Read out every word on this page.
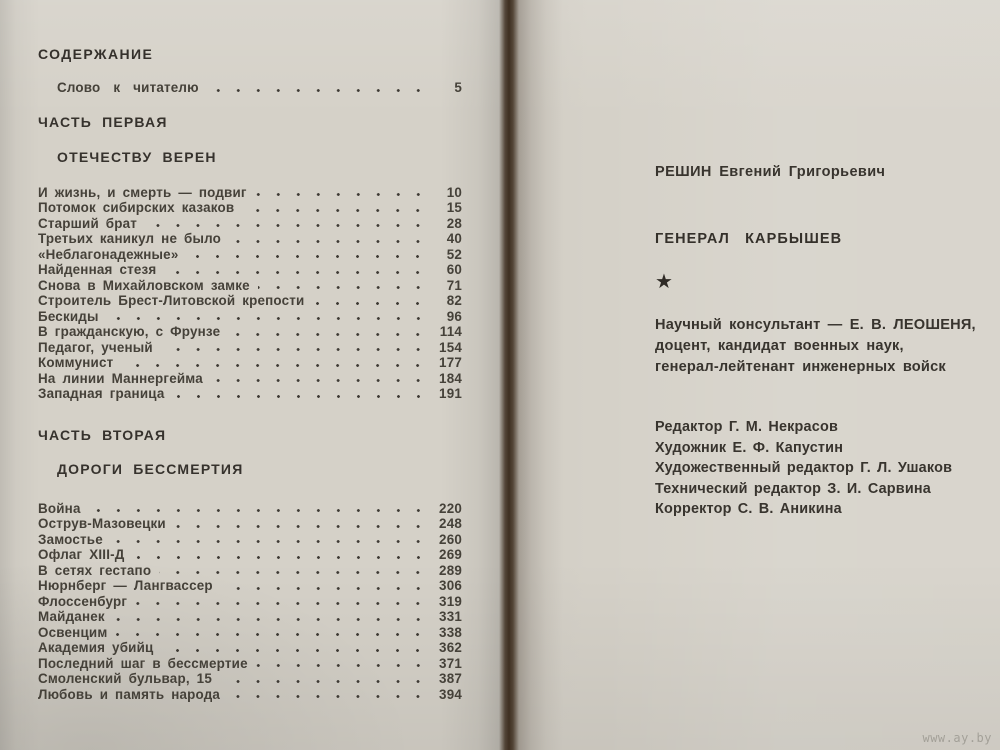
СОДЕРЖАНИЕ
Слово к читателю	5
ЧАСТЬ ПЕРВАЯ
ОТЕЧЕСТВУ ВЕРЕН
И жизнь, и смерть — подвиг	10
Потомок сибирских казаков	15
Старший брат	28
Третьих каникул не было	40
«Неблагонадежные»	52
Найденная стезя	60
Снова в Михайловском замке	71
Строитель Брест-Литовской крепости	82
Бескиды	96
В гражданскую, с Фрунзе	114
Педагог, ученый	154
Коммунист	177
На линии Маннергейма	184
Западная граница	191
ЧАСТЬ ВТОРАЯ
ДОРОГИ БЕССМЕРТИЯ
Война	220
Острув-Мазовецки	248
Замостье	260
Офлаг XIII-Д	269
В сетях гестапо	289
Нюрнберг — Лангвассер	306
Флоссенбург	319
Майданек	331
Освенцим	338
Академия убийц	362
Последний шаг в бессмертие	371
Смоленский бульвар, 15	387
Любовь и память народа	394
РЕШИН Евгений Григорьевич
ГЕНЕРАЛ КАРБЫШЕВ
★
Научный консультант — Е. В. ЛЕОШЕНЯ,
доцент, кандидат военных наук,
генерал-лейтенант инженерных войск
Редактор Г. М. Некрасов
Художник Е. Ф. Капустин
Художественный редактор Г. Л. Ушаков
Технический редактор З. И. Сарвина
Корректор С. В. Аникина
www.ay.by
